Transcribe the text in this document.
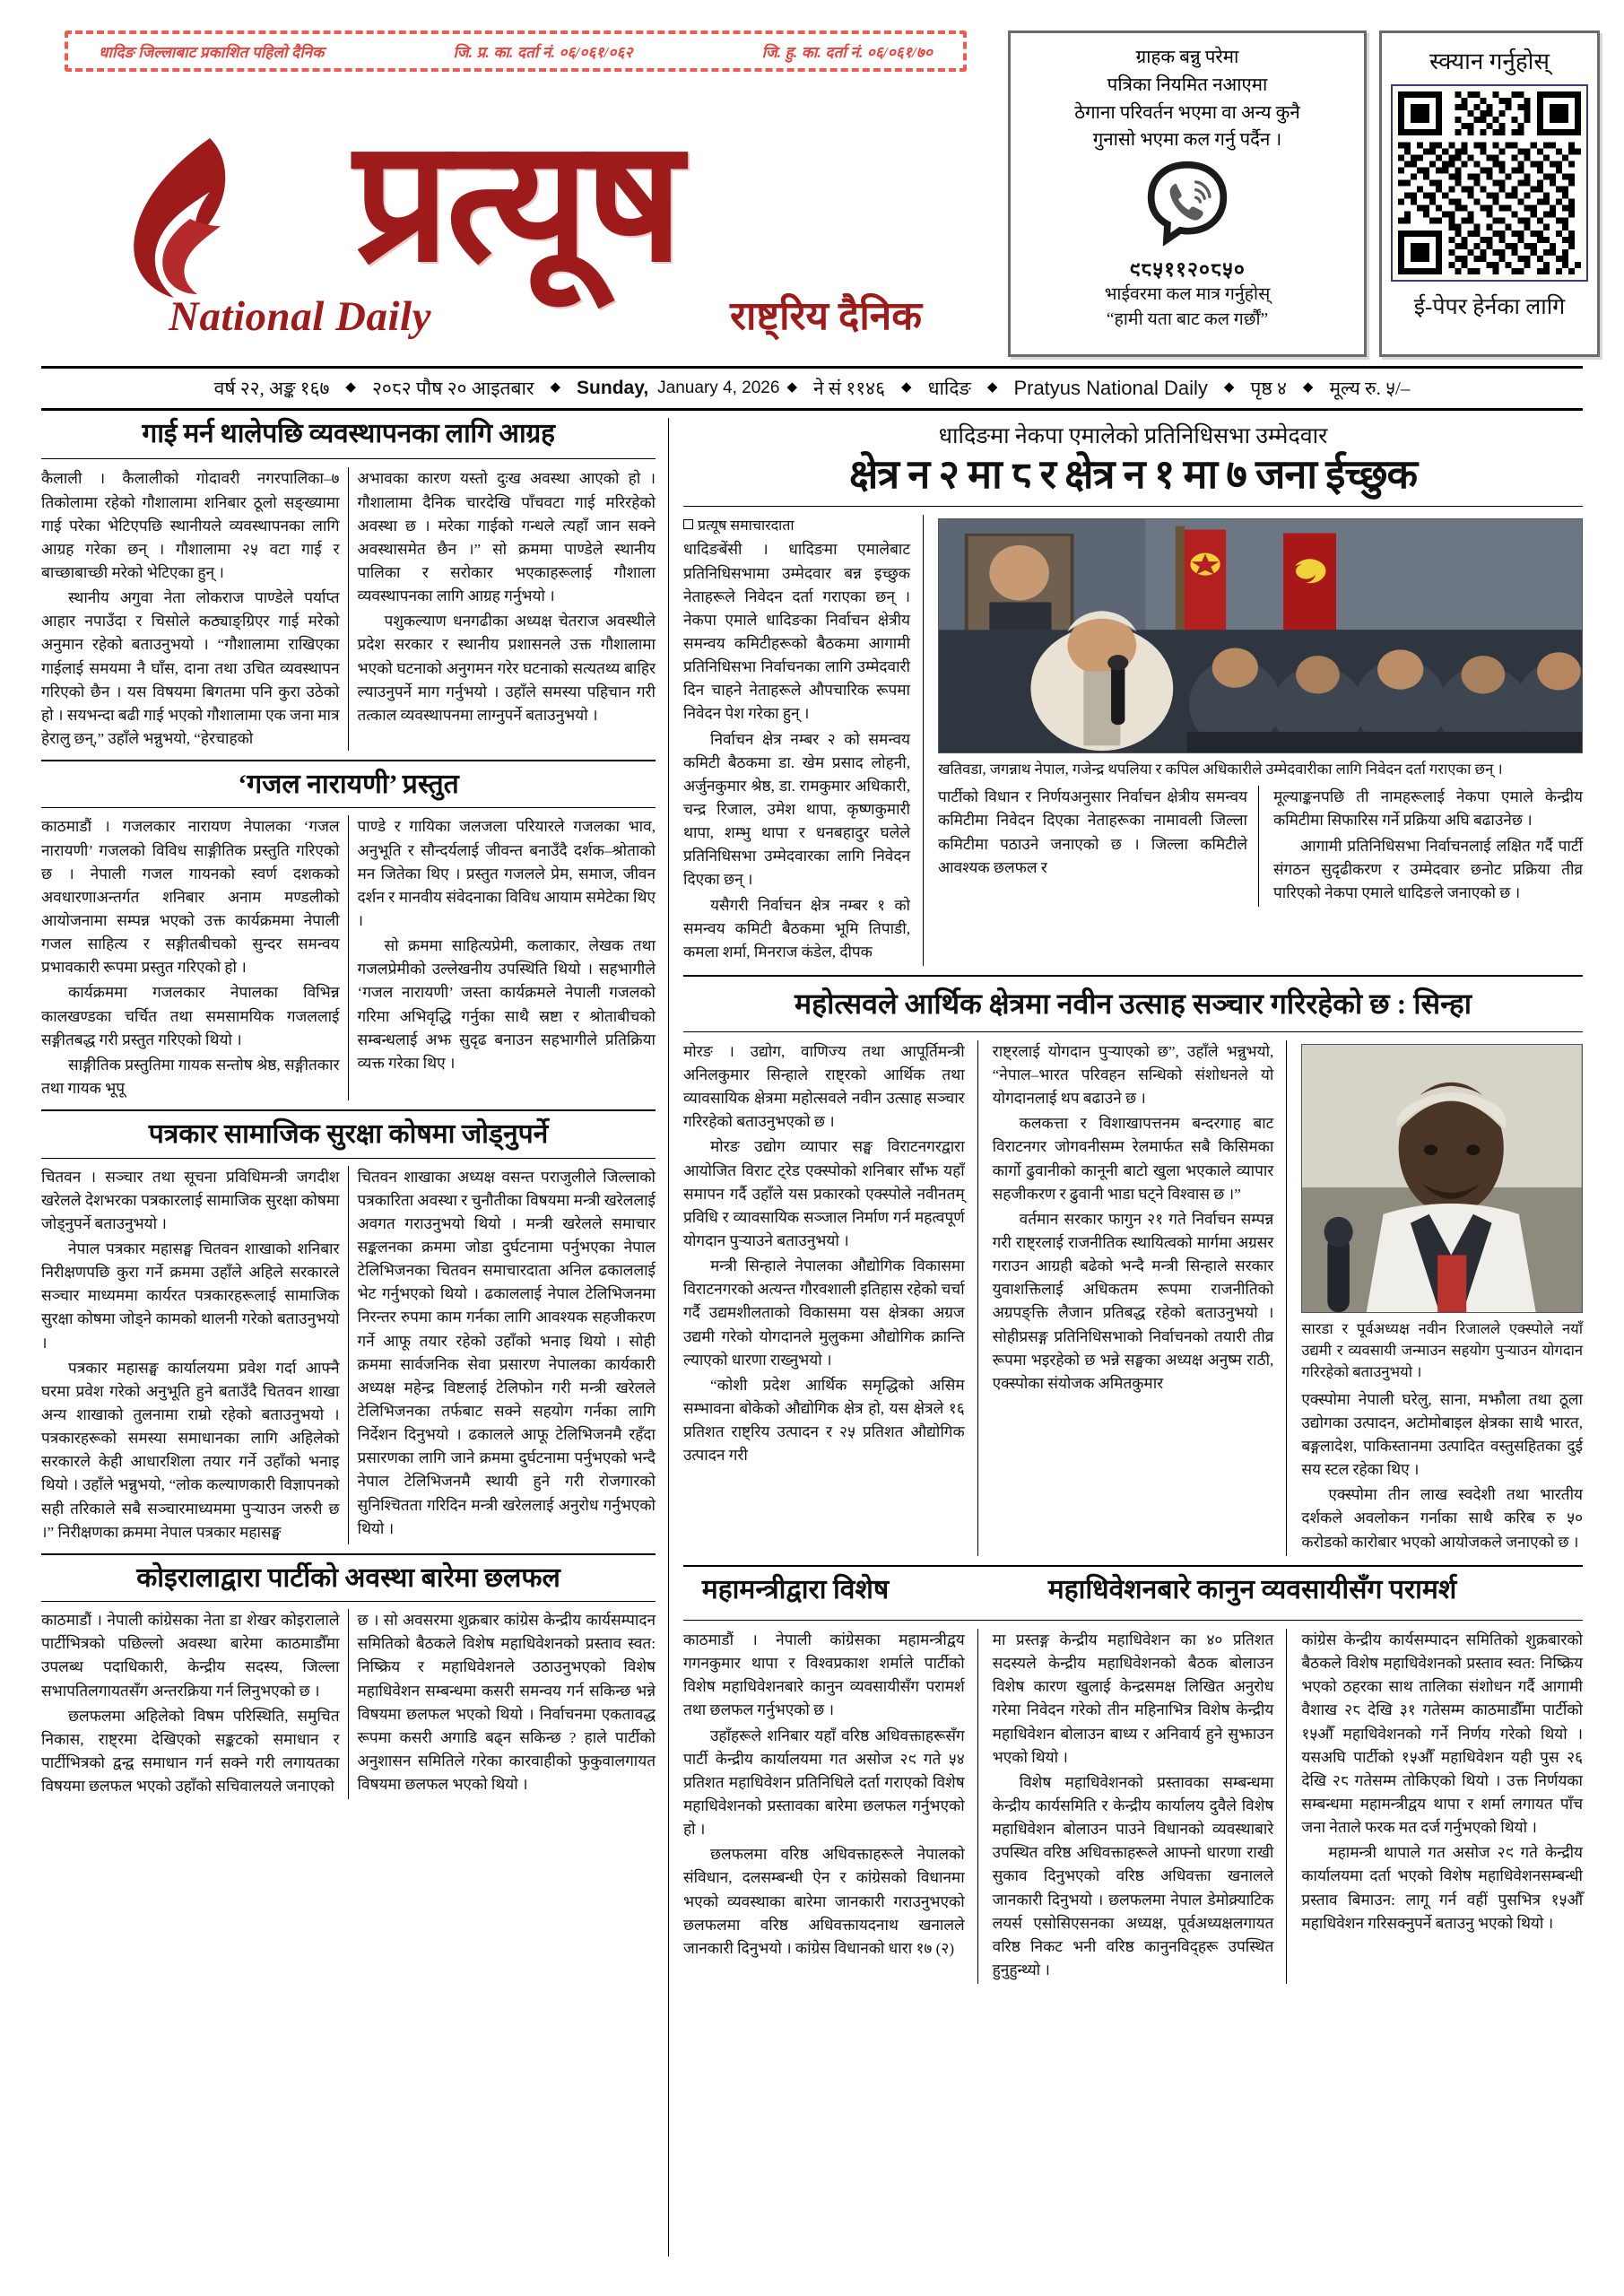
धादिङ जिल्लाबाट प्रकाशित पहिलो दैनिक	जि. प्र. का. दर्ता नं. ०६/०६१/०६२	जि. हु. का. दर्ता नं. ०६/०६१/७०
प्रत्यूष
National Daily	राष्ट्रिय दैनिक
ग्राहक बन्नु परेमा
पत्रिका नियमित नआएमा
ठेगाना परिवर्तन भएमा वा अन्य कुनै
गुनासो भएमा कल गर्नु पर्दैन ।
९८५११२०८५०
भाईवरमा कल मात्र गर्नुहोस्
“हामी यता बाट कल गर्छौं”
स्क्यान गर्नुहोस्
ई-पेपर हेर्नका लागि
वर्ष २२, अङ्क १६७ ◆ २०८२ पौष २० आइतबार ◆ Sunday, January 4, 2026 ◆ ने सं ११४६ ◆ धादिङ ◆ Pratyus National Daily ◆ पृष्ठ ४ ◆ मूल्य रु. ५/–
गाई मर्न थालेपछि व्यवस्थापनका लागि आग्रह

कैलाली । कैलालीको गोदावरी नगरपालिका–७ तिकोलामा रहेको गौशालामा शनिबार ठूलो सङ्ख्यामा गाई परेका भेटिएपछि स्थानीयले व्यवस्थापनका लागि आग्रह गरेका छन् । गौशालामा २५ वटा गाई र बाच्छाबाच्छी मरेको भेटिएका हुन् ।

स्थानीय अगुवा नेता लोकराज पाण्डेले पर्याप्त आहार नपाउँदा र चिसोले कठ्याङ्ग्रिएर गाई मरेको अनुमान रहेको बताउनुभयो । “गौशालामा राखिएका गाईलाई समयमा नै घाँस, दाना तथा उचित व्यवस्थापन गरिएको छैन । यस विषयमा बिगतमा पनि कुरा उठेको हो । सयभन्दा बढी गाई भएको गौशालामा एक जना मात्र हेरालु छन्,” उहाँले भन्नुभयो, “हेरचाहको

अभावका कारण यस्तो दुःख अवस्था आएको हो । गौशालामा दैनिक चारदेखि पाँचवटा गाई मरिरहेको अवस्था छ । मरेका गाईको गन्धले त्यहाँ जान सक्ने अवस्थासमेत छैन ।” सो क्रममा पाण्डेले स्थानीय पालिका र सरोकार भएकाहरूलाई गौशाला व्यवस्थापनका लागि आग्रह गर्नुभयो ।

पशुकल्याण धनगढीका अध्यक्ष चेतराज अवस्थीले प्रदेश सरकार र स्थानीय प्रशासनले उक्त गौशालामा भएको घटनाको अनुगमन गरेर घटनाको सत्यतथ्य बाहिर ल्याउनुपर्ने माग गर्नुभयो । उहाँले समस्या पहिचान गरी तत्काल व्यवस्थापनमा लाग्नुपर्ने बताउनुभयो ।

‘गजल नारायणी’ प्रस्तुत

काठमाडौं । गजलकार नारायण नेपालका ‘गजल नारायणी’ गजलको विविध साङ्गीतिक प्रस्तुति गरिएको छ । नेपाली गजल गायनको स्वर्ण दशकको अवधारणाअन्तर्गत शनिबार अनाम मण्डलीको आयोजनामा सम्पन्न भएको उक्त कार्यक्रममा नेपाली गजल साहित्य र सङ्गीतबीचको सुन्दर समन्वय प्रभावकारी रूपमा प्रस्तुत गरिएको हो ।

कार्यक्रममा गजलकार नेपालका विभिन्न कालखण्डका चर्चित तथा समसामयिक गजललाई सङ्गीतबद्ध गरी प्रस्तुत गरिएको थियो ।

साङ्गीतिक प्रस्तुतिमा गायक सन्तोष श्रेष्ठ, सङ्गीतकार तथा गायक भूपू

पाण्डे र गायिका जलजला परियारले गजलका भाव, अनुभूति र सौन्दर्यलाई जीवन्त बनाउँदै दर्शक–श्रोताको मन जितेका थिए । प्रस्तुत गजलले प्रेम, समाज, जीवन दर्शन र मानवीय संवेदनाका विविध आयाम समेटेका थिए ।

सो क्रममा साहित्यप्रेमी, कलाकार, लेखक तथा गजलप्रेमीको उल्लेखनीय उपस्थिति थियो । सहभागीले ‘गजल नारायणी’ जस्ता कार्यक्रमले नेपाली गजलको गरिमा अभिवृद्धि गर्नुका साथै स्रष्टा र श्रोताबीचको सम्बन्धलाई अझ सुदृढ बनाउन सहभागीले प्रतिक्रिया व्यक्त गरेका थिए ।

पत्रकार सामाजिक सुरक्षा कोषमा जोड्नुपर्ने

चितवन । सञ्चार तथा सूचना प्रविधिमन्त्री जगदीश खरेलले देशभरका पत्रकारलाई सामाजिक सुरक्षा कोषमा जोड्नुपर्ने बताउनुभयो ।

नेपाल पत्रकार महासङ्घ चितवन शाखाको शनिबार निरीक्षणपछि कुरा गर्ने क्रममा उहाँले अहिले सरकारले सञ्चार माध्यममा कार्यरत पत्रकारहरूलाई सामाजिक सुरक्षा कोषमा जोड्ने कामको थालनी गरेको बताउनुभयो ।

पत्रकार महासङ्घ कार्यालयमा प्रवेश गर्दा आफ्नै घरमा प्रवेश गरेको अनुभूति हुने बताउँदै चितवन शाखा अन्य शाखाको तुलनामा राम्रो रहेको बताउनुभयो । पत्रकारहरूको समस्या समाधानका लागि अहिलेको सरकारले केही आधारशिला तयार गर्ने उहाँको भनाइ थियो । उहाँले भन्नुभयो, “लोक कल्याणकारी विज्ञापनको सही तरिकाले सबै सञ्चारमाध्यममा पुऱ्याउन जरुरी छ ।” निरीक्षणका क्रममा नेपाल पत्रकार महासङ्घ

चितवन शाखाका अध्यक्ष वसन्त पराजुलीले जिल्लाको पत्रकारिता अवस्था र चुनौतीका विषयमा मन्त्री खरेललाई अवगत गराउनुभयो थियो । मन्त्री खरेलले समाचार सङ्कलनका क्रममा जोडा दुर्घटनामा पर्नुभएका नेपाल टेलिभिजनका चितवन समाचारदाता अनिल ढकाललाई भेट गर्नुभएको थियो । ढकाललाई नेपाल टेलिभिजनमा निरन्तर रुपमा काम गर्नका लागि आवश्यक सहजीकरण गर्ने आफू तयार रहेको उहाँको भनाइ थियो । सोही क्रममा सार्वजनिक सेवा प्रसारण नेपालका कार्यकारी अध्यक्ष महेन्द्र विष्टलाई टेलिफोन गरी मन्त्री खरेलले टेलिभिजनका तर्फबाट सक्ने सहयोग गर्नका लागि निर्देशन दिनुभयो । ढकालले आफू टेलिभिजनमै रहँदा प्रसारणका लागि जाने क्रममा दुर्घटनामा पर्नुभएको भन्दै नेपाल टेलिभिजनमै स्थायी हुने गरी रोजगारको सुनिश्चितता गरिदिन मन्त्री खरेललाई अनुरोध गर्नुभएको थियो ।

कोइरालाद्वारा पार्टीको अवस्था बारेमा छलफल

काठमाडौं । नेपाली कांग्रेसका नेता डा शेखर कोइरालाले पार्टीभित्रको पछिल्लो अवस्था बारेमा काठमाडौँमा उपलब्ध पदाधिकारी, केन्द्रीय सदस्य, जिल्ला सभापतिलगायतसँग अन्तरक्रिया गर्न लिनुभएको छ ।

छलफलमा अहिलेको विषम परिस्थिति, समुचित निकास, राष्ट्रमा देखिएको सङ्कटको समाधान र पार्टीभित्रको द्वन्द्व समाधान गर्न सक्ने गरी लगायतका विषयमा छलफल भएको उहाँको सचिवालयले जनाएको

छ । सो अवसरमा शुक्रबार कांग्रेस केन्द्रीय कार्यसम्पादन समितिको बैठकले विशेष महाधिवेशनको प्रस्ताव स्वत: निष्क्रिय र महाधिवेशनले उठाउनुभएको विशेष महाधिवेशन सम्बन्धमा कसरी समन्वय गर्न सकिन्छ भन्ने विषयमा छलफल भएको थियो । निर्वाचनमा एकतावद्ध रूपमा कसरी अगाडि बढ्न सकिन्छ ? हाले पार्टीको अनुशासन समितिले गरेका कारवाहीको फुकुवालगायत विषयमा छलफल भएको थियो ।

धादिङमा नेकपा एमालेको प्रतिनिधिसभा उम्मेदवार
क्षेत्र न २ मा ८ र क्षेत्र न १ मा ७ जना ईच्छुक

प्रत्यूष समाचारदाता

धादिङबेंसी । धादिङमा एमालेबाट प्रतिनिधिसभामा उम्मेदवार बन्न इच्छुक नेताहरूले निवेदन दर्ता गराएका छन् । नेकपा एमाले धादिङका निर्वाचन क्षेत्रीय समन्वय कमिटीहरूको बैठकमा आगामी प्रतिनिधिसभा निर्वाचनका लागि उम्मेदवारी दिन चाहने नेताहरूले औपचारिक रूपमा निवेदन पेश गरेका हुन् ।

निर्वाचन क्षेत्र नम्बर २ को समन्वय कमिटी बैठकमा डा. खेम प्रसाद लोहनी, अर्जुनकुमार श्रेष्ठ, डा. रामकुमार अधिकारी, चन्द्र रिजाल, उमेश थापा, कृष्णकुमारी थापा, शम्भु थापा र धनबहादुर घलेले प्रतिनिधिसभा उम्मेदवारका लागि निवेदन दिएका छन् ।

यसैगरी निर्वाचन क्षेत्र नम्बर १ को समन्वय कमिटी बैठकमा भूमि तिपाडी, कमला शर्मा, मिनराज कंडेल, दीपक

खतिवडा, जगन्नाथ नेपाल, गजेन्द्र थपलिया र कपिल अधिकारीले उम्मेदवारीका लागि निवेदन दर्ता गराएका छन् ।

पार्टीको विधान र निर्णयअनुसार निर्वाचन क्षेत्रीय समन्वय कमिटीमा निवेदन दिएका नेताहरूका नामावली जिल्ला कमिटीमा पठाउने जनाएको छ । जिल्ला कमिटीले आवश्यक छलफल र

मूल्याङ्कनपछि ती नामहरूलाई नेकपा एमाले केन्द्रीय कमिटीमा सिफारिस गर्ने प्रक्रिया अघि बढाउनेछ ।

आगामी प्रतिनिधिसभा निर्वाचनलाई लक्षित गर्दै पार्टी संगठन सुदृढीकरण र उम्मेदवार छनोट प्रक्रिया तीव्र पारिएको नेकपा एमाले धादिङले जनाएको छ ।

महोत्सवले आर्थिक क्षेत्रमा नवीन उत्साह सञ्चार गरिरहेको छ : सिन्हा

मोरङ । उद्योग, वाणिज्य तथा आपूर्तिमन्त्री अनिलकुमार सिन्हाले राष्ट्रको आर्थिक तथा व्यावसायिक क्षेत्रमा महोत्सवले नवीन उत्साह सञ्चार गरिरहेको बताउनुभएको छ ।

मोरङ उद्योग व्यापार सङ्घ विराटनगरद्वारा आयोजित विराट ट्रेड एक्स्पोको शनिबार सांँझ यहाँ समापन गर्दै उहाँले यस प्रकारको एक्स्पोले नवीनतम् प्रविधि र व्यावसायिक सञ्जाल निर्माण गर्न महत्वपूर्ण योगदान पुऱ्याउने बताउनुभयो ।

मन्त्री सिन्हाले नेपालका औद्योगिक विकासमा विराटनगरको अत्यन्त गौरवशाली इतिहास रहेको चर्चा गर्दै उद्यमशीलताको विकासमा यस क्षेत्रका अग्रज उद्यमी गरेको योगदानले मुलुकमा औद्योगिक क्रान्ति ल्याएको धारणा राख्नुभयो ।

“कोशी प्रदेश आर्थिक समृद्धिको असिम सम्भावना बोकेको औद्योगिक क्षेत्र हो, यस क्षेत्रले १६ प्रतिशत राष्ट्रिय उत्पादन र २५ प्रतिशत औद्योगिक उत्पादन गरी

राष्ट्रलाई योगदान पुऱ्याएको छ”, उहाँले भन्नुभयो, “नेपाल–भारत परिवहन सन्धिको संशोधनले यो योगदानलाई थप बढाउने छ ।

कलकत्ता र विशाखापत्तनम बन्दरगाह बाट विराटनगर जोगवनीसम्म रेलमार्फत सबै किसिमका कार्गो ढुवानीको कानूनी बाटो खुला भएकाले व्यापार सहजीकरण र ढुवानी भाडा घट्ने विश्वास छ ।”

वर्तमान सरकार फागुन २१ गते निर्वाचन सम्पन्न गरी राष्ट्रलाई राजनीतिक स्थायित्वको मार्गमा अग्रसर गराउन आग्रहीे बढेको भन्दै मन्त्री सिन्हाले सरकार युवाशक्तिलाई अधिकतम रूपमा राजनीतिको अग्रपङ्क्ति लैजान प्रतिबद्ध रहेको बताउनुभयो । सोहीप्रसङ्ग प्रतिनिधिसभाको निर्वाचनको तयारी तीव्र रूपमा भइरहेको छ भन्ने सङ्घका अध्यक्ष अनुष्म राठी, एक्स्पोका संयोजक अमितकुमार

सारडा र पूर्वअध्यक्ष नवीन रिजालले एक्स्पोले नयाँ उद्यमी र व्यवसायी जन्माउन सहयोग पुऱ्याउन योगदान गरिरहेको बताउनुभयो ।

एक्स्पोमा नेपाली घरेलु, साना, मझौला तथा ठूला उद्योगका उत्पादन, अटोमोबाइल क्षेत्रका साथै भारत, बङ्गलादेश, पाकिस्तानमा उत्पादित वस्तुसहितका दुई सय स्टल रहेका थिए ।

एक्स्पोमा तीन लाख स्वदेशी तथा भारतीय दर्शकले अवलोकन गर्नाका साथै करिब रु ५० करोडको कारोबार भएको आयोजकले जनाएको छ ।

महामन्त्रीद्वारा विशेष	महाधिवेशनबारे कानुन व्यवसायीसँग परामर्श

काठमाडौं । नेपाली कांग्रेसका महामन्त्रीद्वय गगनकुमार थापा र विश्वप्रकाश शर्माले पार्टीको विशेष महाधिवेशनबारे कानुन व्यवसायीसँग परामर्श तथा छलफल गर्नुभएको छ ।

उहाँहरूले शनिबार यहाँ वरिष्ठ अधिवक्ताहरूसँग पार्टी केन्द्रीय कार्यालयमा गत असोज २९ गते ५४ प्रतिशत महाधिवेशन प्रतिनिधिले दर्ता गराएको विशेष महाधिवेशनको प्रस्तावका बारेमा छलफल गर्नुभएको हो ।

छलफलमा वरिष्ठ अधिवक्ताहरूले नेपालको संविधान, दलसम्बन्धी ऐन र कांग्रेसको विधानमा भएको व्यवस्थाका बारेमा जानकारी गराउनुभएको छलफलमा वरिष्ठ अधिवक्तायदनाथ खनालले जानकारी दिनुभयो । कांग्रेस विधानको धारा १७ (२)

मा प्रस्तङ्ग केन्द्रीय महाधिवेशन का ४० प्रतिशत सदस्यले केन्द्रीय महाधिवेशनको बैठक बोलाउन विशेष कारण खुलाई केन्द्रसमक्ष लिखित अनुरोध गरेमा निवेदन गरेको तीन महिनाभित्र विशेष केन्द्रीय महाधिवेशन बोलाउन बाध्य र अनिवार्य हुने सुझाउन भएको थियो ।

विशेष महाधिवेशनको प्रस्तावका सम्बन्धमा केन्द्रीय कार्यसमिति र केन्द्रीय कार्यालय दुवैले विशेष महाधिवेशन बोलाउन पाउने विधानको व्यवस्थाबारे उपस्थित वरिष्ठ अधिवक्ताहरूले आफ्नो धारणा राखी सुकाव दिनुभएको वरिष्ठ अधिवक्ता खनालले जानकारी दिनुभयो । छलफलमा नेपाल डेमोक्र्याटिक लयर्स एसोसिएसनका अध्यक्ष, पूर्वअध्यक्षलगायत वरिष्ठ निकट भनी वरिष्ठ कानुनविद्हरू उपस्थित हुनुहुन्थ्यो ।

कांग्रेस केन्द्रीय कार्यसम्पादन समितिको शुक्रबारको बैठकले विशेष महाधिवेशनको प्रस्ताव स्वत: निष्क्रिय भएको ठहरका साथ तालिका संशोधन गर्दै आगामी वैशाख २८ देखि ३१ गतेसम्म काठमाडौँमा पार्टीको १५औँ महाधिवेशनको गर्ने निर्णय गरेको थियो । यसअघि पार्टीको १५औँ महाधिवेशन यही पुस २६ देखि २८ गतेसम्म तोकिएको थियो । उक्त निर्णयका सम्बन्धमा महामन्त्रीद्वय थापा र शर्मा लगायत पाँच जना नेताले फरक मत दर्ज गर्नुभएको थियो ।

महामन्त्री थापाले गत असोज २९ गते केन्द्रीय कार्यालयमा दर्ता भएको विशेष महाधिवेशनसम्बन्धी प्रस्ताव बिमाउन: लागू गर्न वहीं पुसभित्र १५औँ महाधिवेशन गरिसक्नुपर्ने बताउनु भएको थियो ।
